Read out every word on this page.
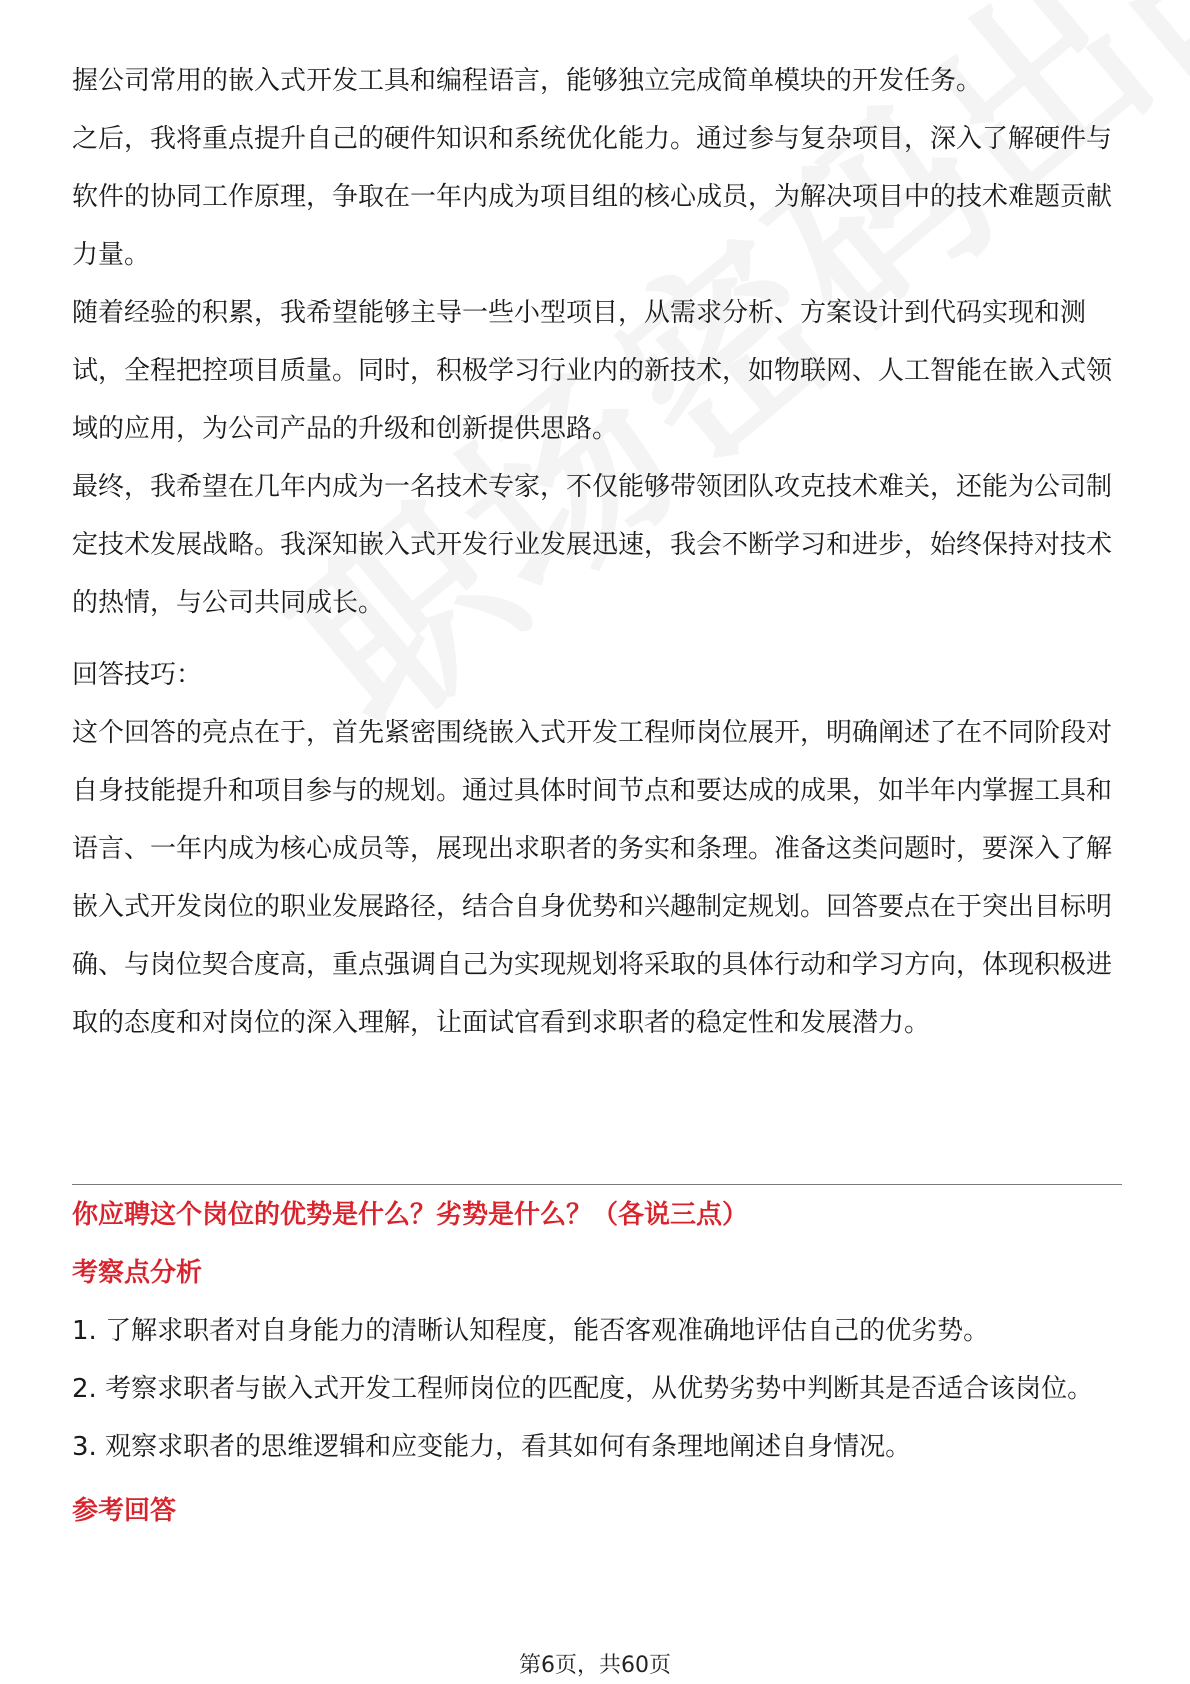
握公司常用的嵌入式开发工具和编程语言，能够独立完成简单模块的开发任务。

之后，我将重点提升自己的硬件知识和系统优化能力。通过参与复杂项目，深入了解硬件与软件的协同工作原理，争取在一年内成为项目组的核心成员，为解决项目中的技术难题贡献力量。

随着经验的积累，我希望能够主导一些小型项目，从需求分析、方案设计到代码实现和测试，全程把控项目质量。同时，积极学习行业内的新技术，如物联网、人工智能在嵌入式领域的应用，为公司产品的升级和创新提供思路。

最终，我希望在几年内成为一名技术专家，不仅能够带领团队攻克技术难关，还能为公司制定技术发展战略。我深知嵌入式开发行业发展迅速，我会不断学习和进步，始终保持对技术的热情，与公司共同成长。

回答技巧：

这个回答的亮点在于，首先紧密围绕嵌入式开发工程师岗位展开，明确阐述了在不同阶段对自身技能提升和项目参与的规划。通过具体时间节点和要达成的成果，如半年内掌握工具和语言、一年内成为核心成员等，展现出求职者的务实和条理。准备这类问题时，要深入了解嵌入式开发岗位的职业发展路径，结合自身优势和兴趣制定规划。回答要点在于突出目标明确、与岗位契合度高，重点强调自己为实现规划将采取的具体行动和学习方向，体现积极进取的态度和对岗位的深入理解，让面试官看到求职者的稳定性和发展潜力。

你应聘这个岗位的优势是什么？劣势是什么？（各说三点）

考察点分析

1. 了解求职者对自身能力的清晰认知程度，能否客观准确地评估自己的优劣势。

2. 考察求职者与嵌入式开发工程师岗位的匹配度，从优势劣势中判断其是否适合该岗位。

3. 观察求职者的思维逻辑和应变能力，看其如何有条理地阐述自身情况。

参考回答

第6页，共60页
